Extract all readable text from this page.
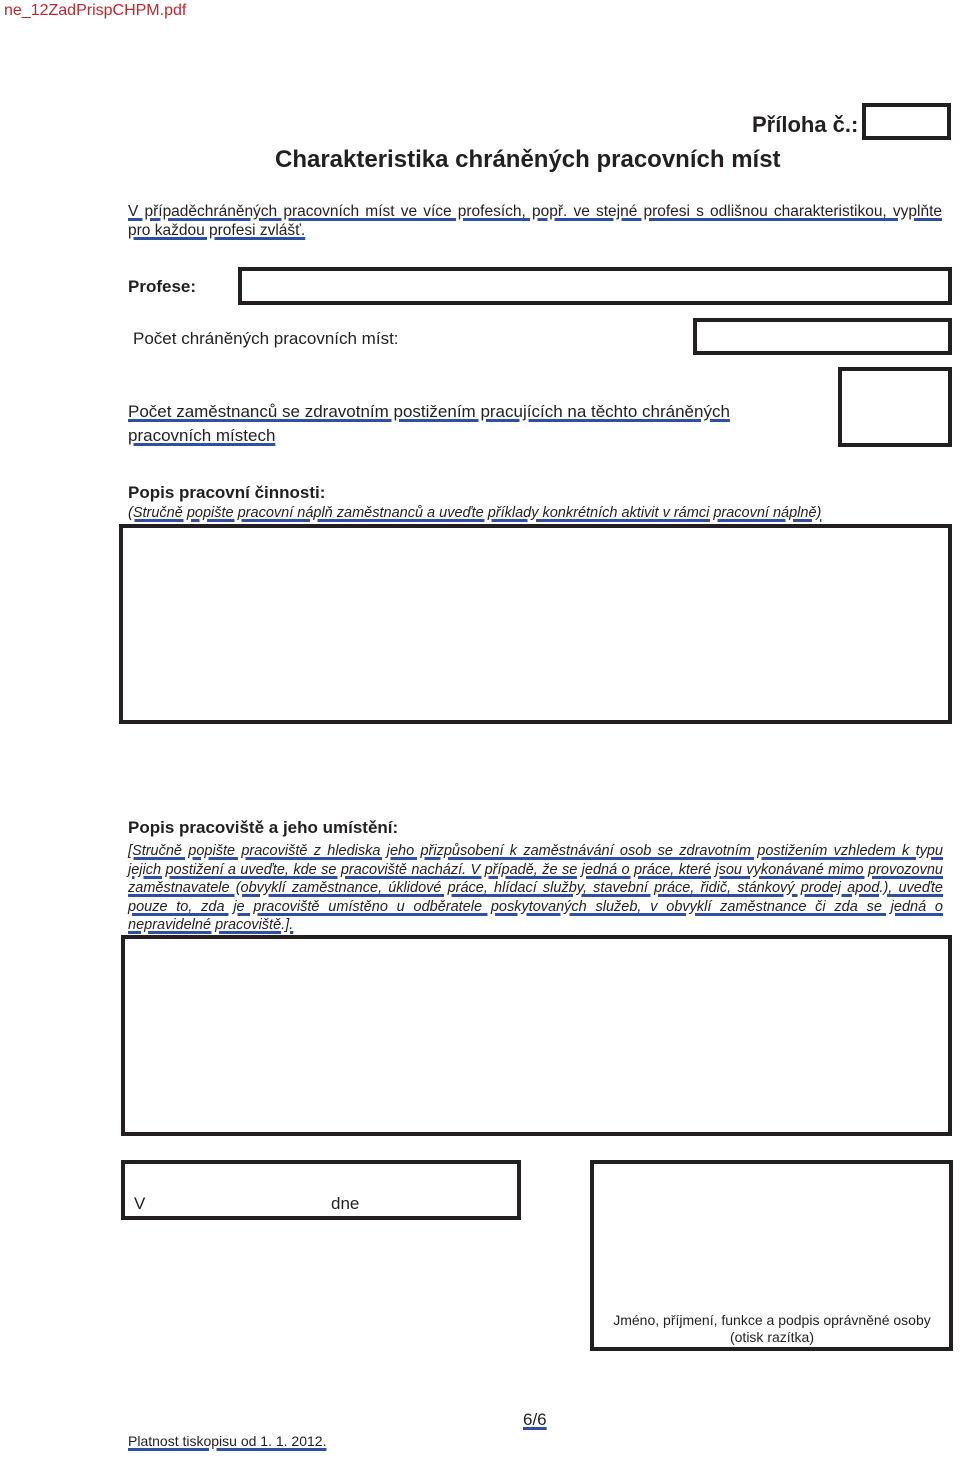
ne_12ZadPrispCHPM.pdf
Příloha č.:
Charakteristika chráněných pracovních míst
V případěchráněných pracovních míst ve více profesích, popř. ve stejné profesi s odlišnou charakteristikou, vyplňte pro každou profesi zvlášť.
Profese:
Počet chráněných pracovních míst:
Počet zaměstnanců se zdravotním postižením pracujících na těchto chráněných pracovních místech
Popis pracovní činnosti:
(Stručně popište pracovní náplň zaměstnanců a uveďte příklady konkrétních aktivit v rámci pracovní náplně)
Popis pracoviště a jeho umístění:
[Stručně popište pracoviště z hlediska jeho přizpůsobení k zaměstnávání osob se zdravotním postižením vzhledem k typu jejich postižení a uveďte, kde se pracoviště nachází. V případě, že se jedná o práce, které jsou vykonávané mimo provozovnu zaměstnavatele (obvyklí zaměstnance, úklidové práce, hlídací služby, stavební práce, řidič, stánkový prodej apod.), uveďte pouze to, zda je pracoviště umístěno u odběratele poskytovaných služeb, v obvyklí zaměstnance či zda se jedná o nepravidelné pracoviště.].
V	dne
Jméno, příjmení, funkce a podpis oprávněné osoby
(otisk razítka)
6/6
Platnost tiskopisu od 1. 1. 2012.
